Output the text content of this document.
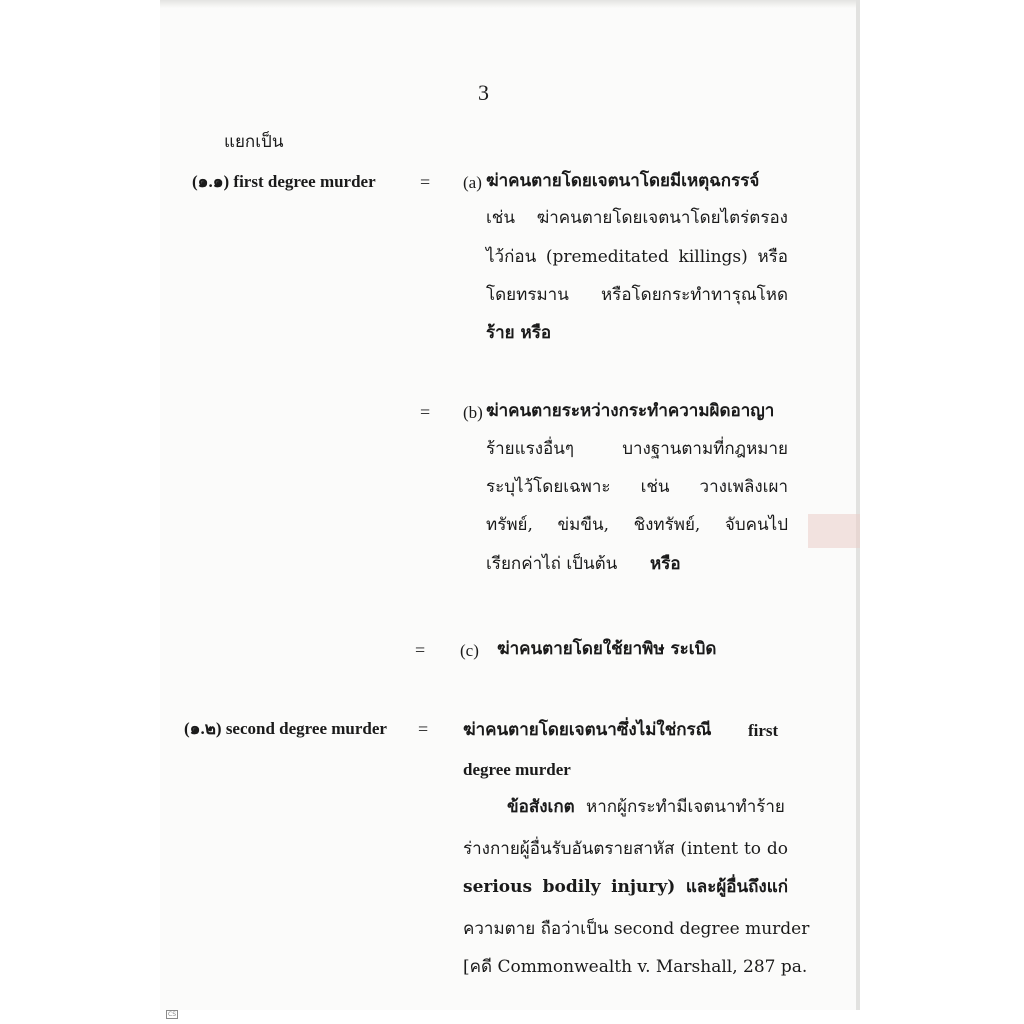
3
แยกเป็น
(๑.๑) first degree murder = (a) ฆ่าคนตายโดยเจตนาโดยมีเหตุฉกรรจ์
เช่น ฆ่าคนตายโดยเจตนาโดยไตร่ตรอง
ไว้ก่อน (premeditated killings) หรือ
โดยทรมาน หรือโดยกระทำทารุณโหด
ร้าย หรือ
= (b) ฆ่าคนตายระหว่างกระทำความผิดอาญา
ร้ายแรงอื่นๆ บางฐานตามที่กฎหมาย
ระบุไว้โดยเฉพาะ เช่น วางเพลิงเผา
ทรัพย์, ข่มขืน, ชิงทรัพย์, จับคนไป
เรียกค่าไถ่ เป็นต้น หรือ
= (c) ฆ่าคนตายโดยใช้ยาพิษ ระเบิด
(๑.๒) second degree murder = ฆ่าคนตายโดยเจตนาซึ่งไม่ใช่กรณี first
degree murder
ข้อสังเกต หากผู้กระทำมีเจตนาทำร้าย
ร่างกายผู้อื่นรับอันตรายสาหัส (intent to do
serious bodily injury) และผู้อื่นถึงแก่
ความตาย ถือว่าเป็น second degree murder
[คดี Commonwealth v. Marshall, 287 pa.
CS
